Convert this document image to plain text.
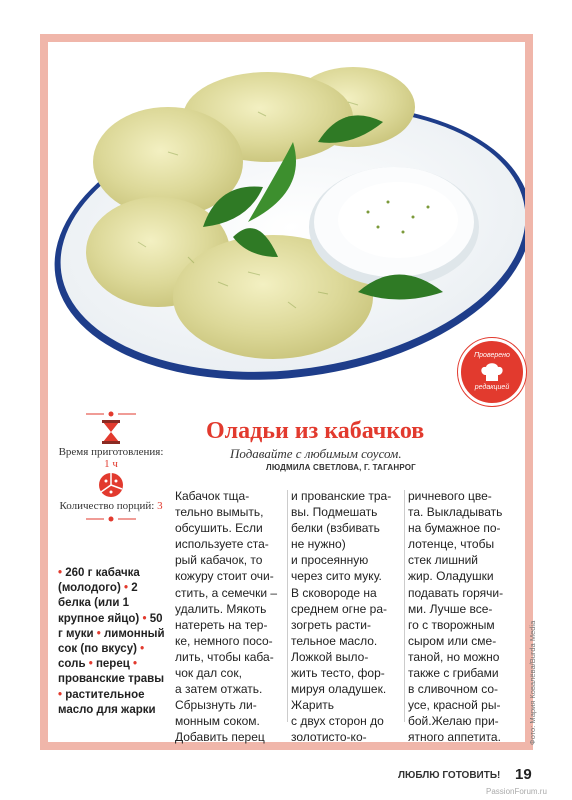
Проверено
редакцией
Время приготовления:
1 ч
Количество порций: 3
• 260 г кабачка (молодого) • 2 белка (или 1 крупное яйцо) • 50 г муки • лимонный сок (по вкусу) • соль • перец • прованские травы • растительное масло для жарки
Оладьи из кабачков
Подавайте с любимым соусом.
ЛЮДМИЛА СВЕТЛОВА, Г. ТАГАНРОГ
Кабачок тща-
тельно вымыть,
обсушить. Если
используете ста-
рый кабачок, то
кожуру стоит очи-
стить, а семечки –
удалить. Мякоть
натереть на тер-
ке, немного посо-
лить, чтобы каба-
чок дал сок,
а затем отжать.
Сбрызнуть ли-
монным соком.
Добавить перец
и прованские тра-
вы. Подмешать
белки (взбивать
не нужно)
и просеянную
через сито муку.
В сковороде на
среднем огне ра-
зогреть расти-
тельное масло.
Ложкой выло-
жить тесто, фор-
мируя оладушек.
Жарить
с двух сторон до
золотисто-ко-
ричневого цве-
та. Выкладывать
на бумажное по-
лотенце, чтобы
стек лишний
жир. Оладушки
подавать горячи-
ми. Лучше все-
го с творожным
сыром или сме-
таной, но можно
также с грибами
в сливочном со-
усе, красной ры-
бой.Желаю при-
ятного аппетита.	Фото: Мария Ковалёва/Burda Media
ЛЮБЛЮ ГОТОВИТЬ! 19
PassionForum.ru
